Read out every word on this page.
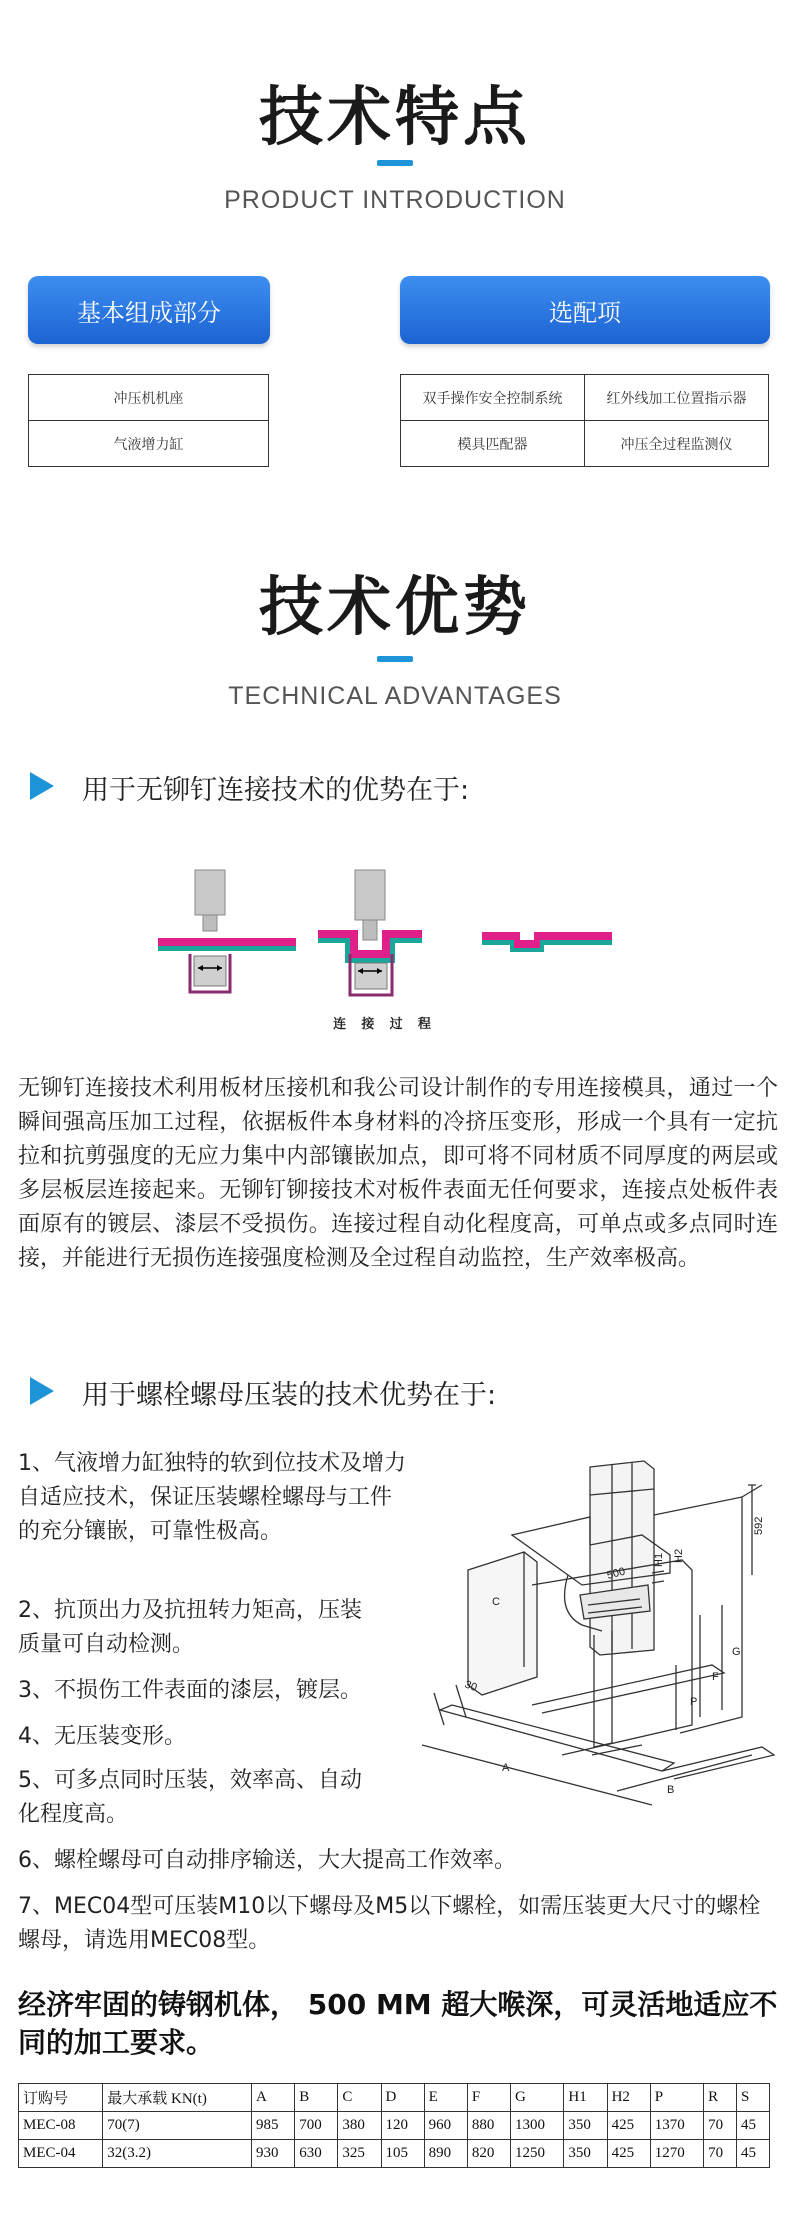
技术特点
PRODUCT INTRODUCTION
基本组成部分	选配项
冲压机机座
气液增力缸
双手操作安全控制系统	红外线加工位置指示器
模具匹配器	冲压全过程监测仪
技术优势
TECHNICAL ADVANTAGES
用于无铆钉连接技术的优势在于:
连 接 过 程
无铆钉连接技术利用板材压接机和我公司设计制作的专用连接模具，通过一个瞬间强高压加工过程，依据板件本身材料的冷挤压变形，形成一个具有一定抗拉和抗剪强度的无应力集中内部镶嵌加点，即可将不同材质不同厚度的两层或多层板层连接起来。无铆钉铆接技术对板件表面无任何要求，连接点处板件表面原有的镀层、漆层不受损伤。连接过程自动化程度高，可单点或多点同时连接，并能进行无损伤连接强度检测及全过程自动监控，生产效率极高。
用于螺栓螺母压装的技术优势在于:
1、气液增力缸独特的软到位技术及增力自适应技术，保证压装螺栓螺母与工件的充分镶嵌，可靠性极高。
2、抗顶出力及抗扭转力矩高，压装质量可自动检测。
3、不损伤工件表面的漆层，镀层。
4、无压装变形。
5、可多点同时压装，效率高、自动化程度高。
6、螺栓螺母可自动排序输送，大大提高工作效率。
7、MEC04型可压装M10以下螺母及M5以下螺栓，如需压装更大尺寸的螺栓螺母，请选用MEC08型。
592
H1 H2
500
30
C
P
F
G
A
B
经济牢固的铸钢机体， 500 MM 超大喉深，可灵活地适应不同的加工要求。
订购号	最大承载 KN(t)	A	B	C	D	E	F	G	H1	H2	P	R	S
MEC-08	70(7)	985	700	380	120	960	880	1300	350	425	1370	70	45
MEC-04	32(3.2)	930	630	325	105	890	820	1250	350	425	1270	70	45
